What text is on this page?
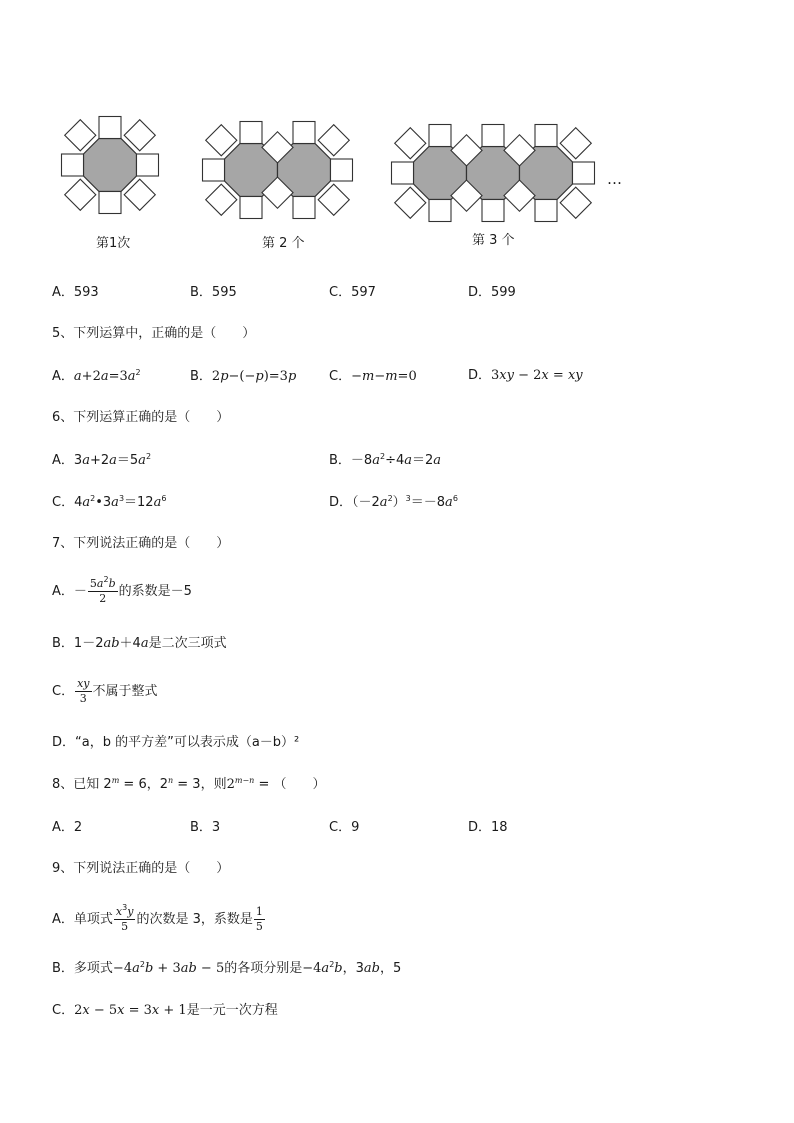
第1次	第 2 个	第 3 个
…
A．593	B．595	C．597	D．599
5、下列运算中，正确的是（　　）
A．$a+2a=3a^2$	B．2p−(−p)=3p	C．−m−m=0	D．3xy − 2x = xy
6、下列运算正确的是（　　）
A．$3a+2a=5a^2$	B．$-8a^2\div 4a=2a$
C．$4a^2•3a^3=12a^6$	D．$(-2a^2)^3=-8a^6$
7、下列说法正确的是（　　）
A．－ $\frac{5a^2b}{2}$ 的系数是－5
B．1－2ab＋4a是二次三项式
C． $\frac{xy}{3}$ 不属于整式
D．“a，b 的平方差”可以表示成（a－b）²
8、已知 $2^m = 6$，$2^n = 3$，则$2^{m-n}$ = （　　）
A．2	B．3	C．9	D．18
9、下列说法正确的是（　　）
A．单项式 $\frac{x^3y}{5}$ 的次数是 3，系数是 $\frac{1}{5}$
B．多项式$-4a^2b + 3ab - 5$的各项分别是$-4a^2b$，3ab，5
C．2x − 5x = 3x + 1是一元一次方程
